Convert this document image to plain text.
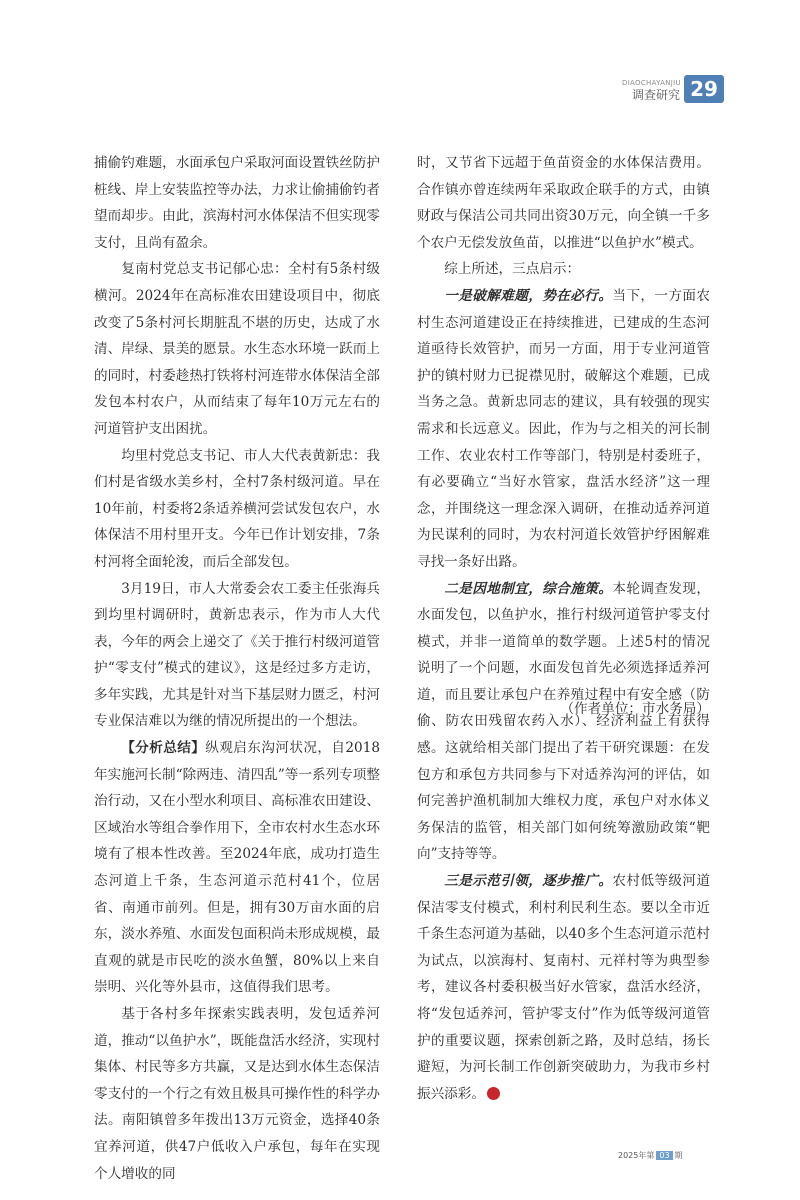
DIAOCHAYANJIU
调查研究 29

捕偷钓难题，水面承包户采取河面设置铁丝防护桩线、岸上安装监控等办法，力求让偷捕偷钓者望而却步。由此，滨海村河水体保洁不但实现零支付，且尚有盈余。

复南村党总支书记郁心忠：全村有5条村级横河。2024年在高标准农田建设项目中，彻底改变了5条村河长期脏乱不堪的历史，达成了水清、岸绿、景美的愿景。水生态水环境一跃而上的同时，村委趁热打铁将村河连带水体保洁全部发包本村农户，从而结束了每年10万元左右的河道管护支出困扰。

均里村党总支书记、市人大代表黄新忠：我们村是省级水美乡村，全村7条村级河道。早在10年前，村委将2条适养横河尝试发包农户，水体保洁不用村里开支。今年已作计划安排，7条村河将全面轮浚，而后全部发包。

3月19日，市人大常委会农工委主任张海兵到均里村调研时，黄新忠表示，作为市人大代表，今年的两会上递交了《关于推行村级河道管护“零支付”模式的建议》，这是经过多方走访，多年实践，尤其是针对当下基层财力匮乏，村河专业保洁难以为继的情况所提出的一个想法。

【分析总结】纵观启东沟河状况，自2018年实施河长制“除两违、清四乱”等一系列专项整治行动，又在小型水利项目、高标准农田建设、区域治水等组合拳作用下，全市农村水生态水环境有了根本性改善。至2024年底，成功打造生态河道上千条，生态河道示范村41个，位居省、南通市前列。但是，拥有30万亩水面的启东，淡水养殖、水面发包面积尚未形成规模，最直观的就是市民吃的淡水鱼蟹，80%以上来自崇明、兴化等外县市，这值得我们思考。

基于各村多年探索实践表明，发包适养河道，推动“以鱼护水”，既能盘活水经济，实现村集体、村民等多方共赢，又是达到水体生态保洁零支付的一个行之有效且极具可操作性的科学办法。南阳镇曾多年拨出13万元资金，选择40条宜养河道，供47户低收入户承包，每年在实现个人增收的同

时，又节省下远超于鱼苗资金的水体保洁费用。合作镇亦曾连续两年采取政企联手的方式，由镇财政与保洁公司共同出资30万元，向全镇一千多个农户无偿发放鱼苗，以推进“以鱼护水”模式。

综上所述，三点启示：

一是破解难题，势在必行。当下，一方面农村生态河道建设正在持续推进，已建成的生态河道亟待长效管护，而另一方面，用于专业河道管护的镇村财力已捉襟见肘，破解这个难题，已成当务之急。黄新忠同志的建议，具有较强的现实需求和长远意义。因此，作为与之相关的河长制工作、农业农村工作等部门，特别是村委班子，有必要确立“当好水管家，盘活水经济”这一理念，并围绕这一理念深入调研，在推动适养河道为民谋利的同时，为农村河道长效管护纾困解难寻找一条好出路。

二是因地制宜，综合施策。本轮调查发现，水面发包，以鱼护水，推行村级河道管护零支付模式，并非一道简单的数学题。上述5村的情况说明了一个问题，水面发包首先必须选择适养河道，而且要让承包户在养殖过程中有安全感（防偷、防农田残留农药入水）、经济利益上有获得感。这就给相关部门提出了若干研究课题：在发包方和承包方共同参与下对适养沟河的评估，如何完善护渔机制加大维权力度，承包户对水体义务保洁的监管，相关部门如何统筹激励政策“靶向”支持等等。

三是示范引领，逐步推广。农村低等级河道保洁零支付模式，利村利民利生态。要以全市近千条生态河道为基础，以40多个生态河道示范村为试点，以滨海村、复南村、元祥村等为典型参考，建议各村委积极当好水管家，盘活水经济，将“发包适养河，管护零支付”作为低等级河道管护的重要议题，探索创新之路，及时总结，扬长避短，为河长制工作创新突破助力，为我市乡村振兴添彩。

（作者单位：市水务局）
2025年第 03 期
